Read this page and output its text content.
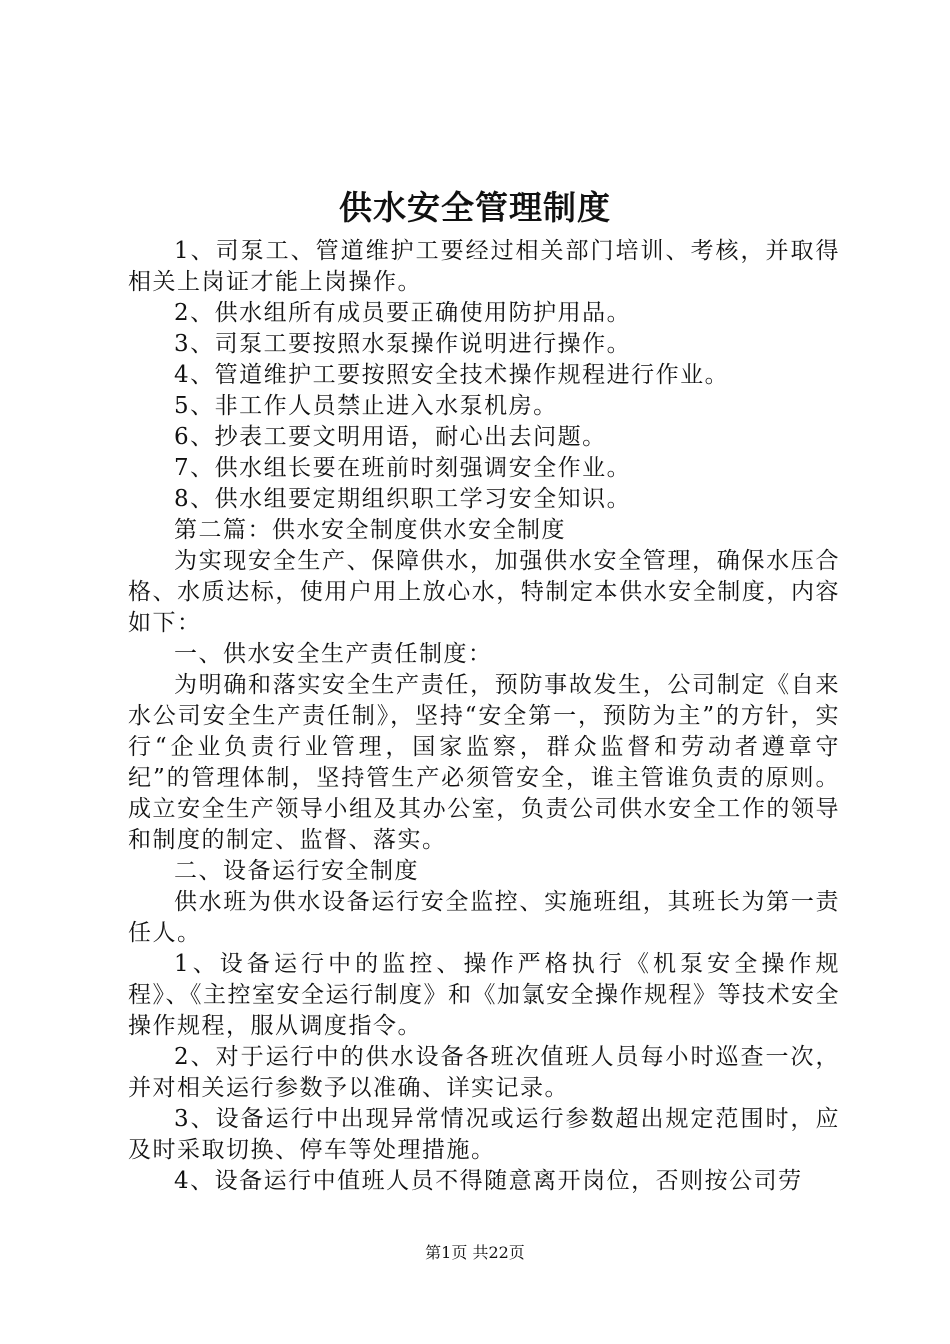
供水安全管理制度

1、司泵工、管道维护工要经过相关部门培训、考核，并取得相关上岗证才能上岗操作。

2、供水组所有成员要正确使用防护用品。

3、司泵工要按照水泵操作说明进行操作。

4、管道维护工要按照安全技术操作规程进行作业。

5、非工作人员禁止进入水泵机房。

6、抄表工要文明用语，耐心出去问题。

7、供水组长要在班前时刻强调安全作业。

8、供水组要定期组织职工学习安全知识。

第二篇：供水安全制度供水安全制度

为实现安全生产、保障供水，加强供水安全管理，确保水压合格、水质达标，使用户用上放心水，特制定本供水安全制度，内容如下：

一、供水安全生产责任制度：

为明确和落实安全生产责任，预防事故发生，公司制定《自来水公司安全生产责任制》，坚持“安全第一，预防为主”的方针，实行“企业负责行业管理，国家监察，群众监督和劳动者遵章守纪”的管理体制，坚持管生产必须管安全，谁主管谁负责的原则。成立安全生产领导小组及其办公室，负责公司供水安全工作的领导和制度的制定、监督、落实。

二、设备运行安全制度

供水班为供水设备运行安全监控、实施班组，其班长为第一责任人。

1、设备运行中的监控、操作严格执行《机泵安全操作规程》、《主控室安全运行制度》和《加氯安全操作规程》等技术安全操作规程，服从调度指令。

2、对于运行中的供水设备各班次值班人员每小时巡查一次，并对相关运行参数予以准确、详实记录。

3、设备运行中出现异常情况或运行参数超出规定范围时，应及时采取切换、停车等处理措施。

4、设备运行中值班人员不得随意离开岗位，否则按公司劳

第1页 共22页
